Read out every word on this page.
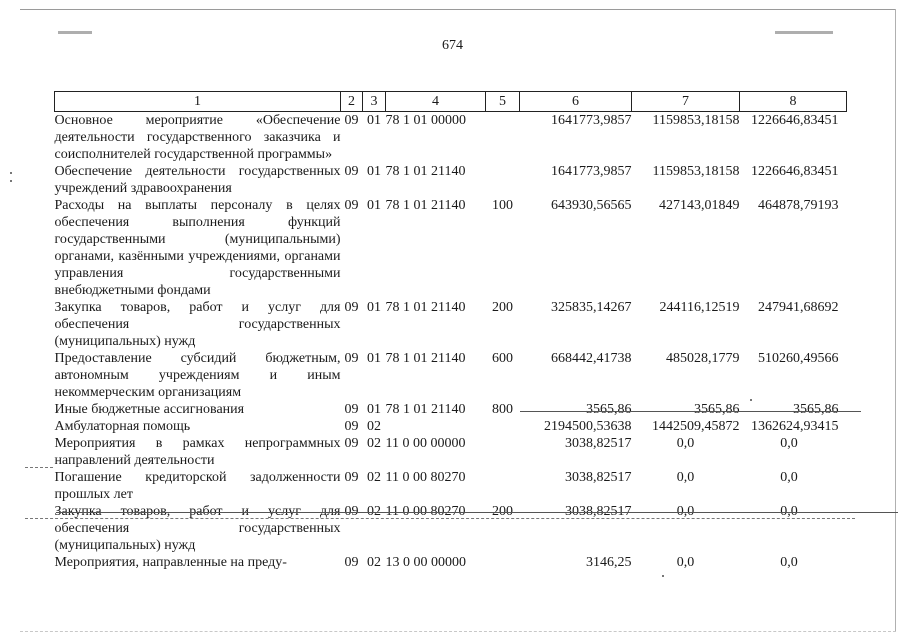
674
1	2	3	4	5	6	7	8
Основное мероприятие «Обеспечение деятельности государственного заказчика и соисполнителей государственной программы»	09	01	78 1 01 00000		1641773,9857	1159853,18158	1226646,83451
Обеспечение деятельности государственных учреждений здравоохранения	09	01	78 1 01 21140		1641773,9857	1159853,18158	1226646,83451
Расходы на выплаты персоналу в целях обеспечения выполнения функций государственными (муниципальными) органами, казёнными учреждениями, органами управления государственными внебюджетными фондами	09	01	78 1 01 21140	100	643930,56565	427143,01849	464878,79193
Закупка товаров, работ и услуг для обеспечения государственных (муниципальных) нужд	09	01	78 1 01 21140	200	325835,14267	244116,12519	247941,68692
Предоставление субсидий бюджетным, автономным учреждениям и иным некоммерческим организациям	09	01	78 1 01 21140	600	668442,41738	485028,1779	510260,49566
Иные бюджетные ассигнования	09	01	78 1 01 21140	800	3565,86	3565,86	3565,86
Амбулаторная помощь	09	02			2194500,53638	1442509,45872	1362624,93415
Мероприятия в рамках непрограммных направлений деятельности	09	02	11 0 00 00000		3038,82517	0,0	0,0
Погашение кредиторской задолженности прошлых лет	09	02	11 0 00 80270		3038,82517	0,0	0,0
Закупка товаров, работ и услуг для обеспечения государственных (муниципальных) нужд	09	02	11 0 00 80270	200	3038,82517	0,0	0,0
Мероприятия, направленные на преду-	09	02	13 0 00 00000		3146,25	0,0	0,0
